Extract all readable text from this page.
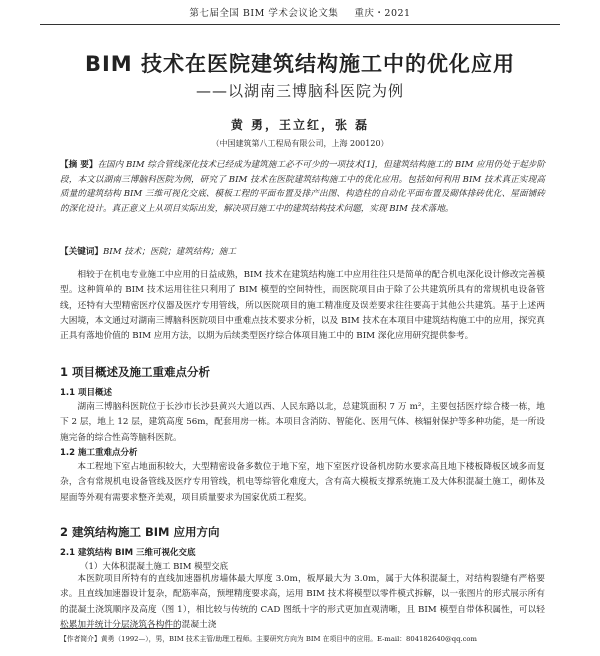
第七届全国 BIM 学术会议论文集 重庆・2021
BIM 技术在医院建筑结构施工中的优化应用
——以湖南三博脑科医院为例
黄 勇，王立红，张 磊
（中国建筑第八工程局有限公司，上海 200120）
【摘 要】在国内 BIM 综合管线深化技术已经成为建筑施工必不可少的一项技术[1]，但建筑结构施工的 BIM 应用仍处于起步阶段，本文以湖南三博脑科医院为例，研究了 BIM 技术在医院建筑结构施工中的优化应用。包括如何利用 BIM 技术真正实现高质量的建筑结构 BIM 三维可视化交底、模板工程的平面布置及排产出图、构造柱的自动化平面布置及砌体排砖优化、屋面铺砖的深化设计。真正意义上从项目实际出发，解决项目施工中的建筑结构技术问题，实现 BIM 技术落地。
【关键词】BIM 技术；医院；建筑结构；施工
相较于在机电专业施工中应用的日益成熟，BIM 技术在建筑结构施工中应用往往只是简单的配合机电深化设计修改完善模型。这种简单的 BIM 技术运用往往只利用了 BIM 模型的空间特性，而医院项目由于除了公共建筑所具有的常规机电设备管线，还特有大型精密医疗仪器及医疗专用管线，所以医院项目的施工精准度及误差要求往往要高于其他公共建筑。基于上述两大困境，本文通过对湖南三博脑科医院项目中重难点技术要求分析，以及 BIM 技术在本项目中建筑结构施工中的应用，探究真正具有落地价值的 BIM 应用方法，以期为后续类型医疗综合体项目施工中的 BIM 深化应用研究提供参考。
1 项目概述及施工重难点分析
1.1 项目概述
湖南三博脑科医院位于长沙市长沙县黄兴大道以西、人民东路以北，总建筑面积 7 万 m²，主要包括医疗综合楼一栋，地下 2 层，地上 12 层，建筑高度 56m，配套用房一栋。本项目含消防、智能化、医用气体、核辐射保护等多种功能，是一所设施完备的综合性高等脑科医院。
1.2 施工重难点分析
本工程地下室占地面积较大，大型精密设备多数位于地下室，地下室医疗设备机房防水要求高且地下楼板降板区域多而复杂，含有常规机电设备管线及医疗专用管线，机电等综管化难度大，含有高大模板支撑系统施工及大体积混凝土施工，砌体及屋面等外观有需要求整齐美观，项目质量要求为国家优质工程奖。
2 建筑结构施工 BIM 应用方向
2.1 建筑结构 BIM 三维可视化交底
（1）大体积混凝土施工 BIM 模型交底
本医院项目所特有的直线加速器机房墙体最大厚度 3.0m，板厚最大为 3.0m，属于大体积混凝土，对结构裂缝有严格要求。且直线加速器设计复杂，配筋率高，预埋精度要求高，运用 BIM 技术将模型以零件模式拆解，以一张图片的形式展示所有的混凝土浇筑顺序及高度（图 1），相比较与传统的 CAD 图纸十字的形式更加直观清晰，且 BIM 模型自带体积属性，可以轻松累加并统计分层浇筑各构件的混凝土浇
【作者简介】黄勇（1992—），男，BIM 技术主管/助理工程师。主要研究方向为 BIM 在项目中的应用。E-mail：804182640@qq.com
